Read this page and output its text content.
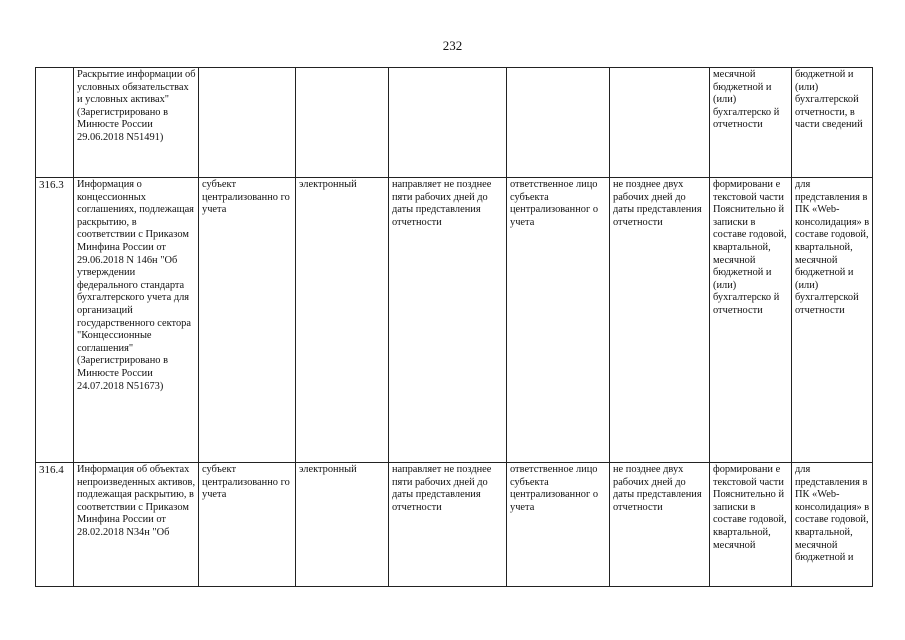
232
	Раскрытие информации об условных обязательствах и условных активах" (Зарегистрировано в Минюсте России 29.06.2018 N51491)						месячной бюджетной и (или) бухгалтерско й отчетности	бюджетной и (или) бухгалтерской отчетности, в части сведений
316.3	Информация о концессионных соглашениях, подлежащая раскрытию, в соответствии с Приказом Минфина России от 29.06.2018 N 146н "Об утверждении федерального стандарта бухгалтерского учета для организаций государственного сектора "Концессионные соглашения" (Зарегистрировано в Минюсте России 24.07.2018 N51673)	субъект централизованно го учета	электронный	направляет не позднее пяти рабочих дней до даты представления отчетности	ответственное лицо субъекта централизованног о учета	не позднее двух рабочих дней до даты представления отчетности	формировани е текстовой части Пояснительно й записки в составе годовой, квартальной, месячной бюджетной и (или) бухгалтерско й отчетности	для представления в ПК «Web-консолидация» в составе годовой, квартальной, месячной бюджетной и (или) бухгалтерской отчетности
316.4	Информация об объектах непроизведенных активов, подлежащая раскрытию, в соответствии с Приказом Минфина России от 28.02.2018 N34н "Об	субъект централизованно го учета	электронный	направляет не позднее пяти рабочих дней до даты представления отчетности	ответственное лицо субъекта централизованног о учета	не позднее двух рабочих дней до даты представления отчетности	формировани е текстовой части Пояснительно й записки в составе годовой, квартальной, месячной	для представления в ПК «Web-консолидация» в составе годовой, квартальной, месячной бюджетной и
